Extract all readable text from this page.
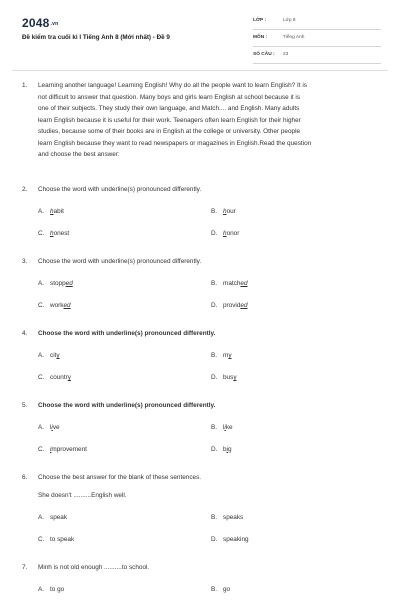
2048.vn
Đề kiểm tra cuối kì I Tiếng Anh 8 (Mới nhất) - Đề 9
LỚP :	Lớp 8
MÔN :	Tiếng Anh
SỐ CÂU : 23
1. Learning another language! Learning English! Why do all the people want to learn English? It is

not difficult to answer that question. Many boys and girls learn English at school because it is

one of their subjects. They study their own language, and Match.... and English. Many adults

learn English because it is useful for their work. Teenagers often learn English for their higher

studies, because some of their books are in English at the college or university. Other people

learn English because they want to read newspapers or magazines in English.Read the question

and choose the best answer:

2. Choose the word with underline(s) pronounced differently.
A. habit	B. hour
C. honest	D. honor
3. Choose the word with underline(s) pronounced differently.
A. stopped	B. matched
C. worked	D. provided
4. Choose the word with underline(s) pronounced differently.
A. city	B. my
C. country	D. busy
5. Choose the word with underline(s) pronounced differently.
A. live	B. like
C. improvement	D. big
6. Choose the best answer for the blank of these sentences.
She doesn't ..........English well.
A. speak	B. speaks
C. to speak	D. speaking
7. Minh is not old enough ..........to school.
A. to go	B. go
